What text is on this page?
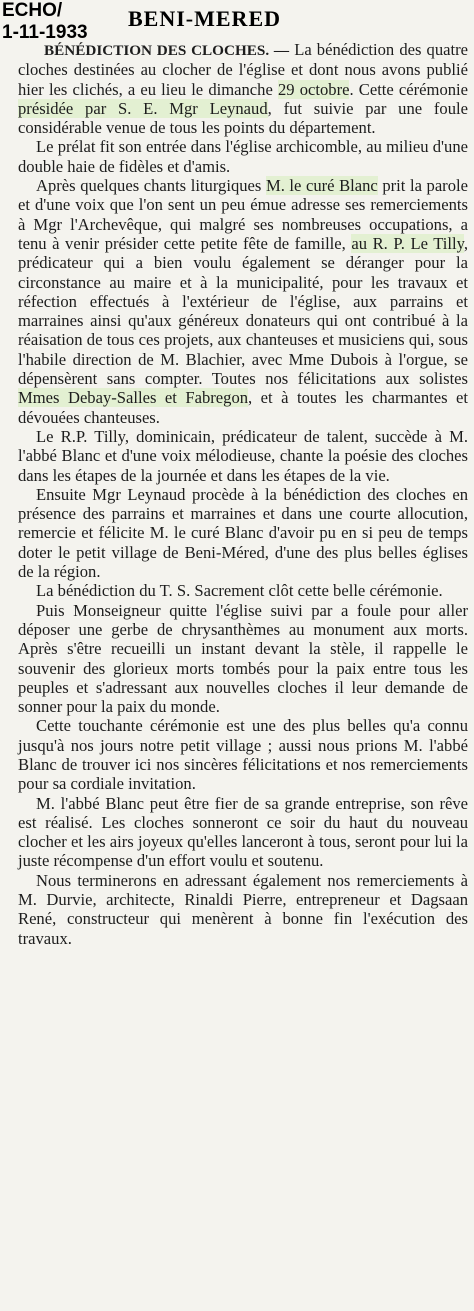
ECHO/
1-11-1933
BENI-MERED

BÉNÉDICTION DES CLOCHES. — La bénédiction des quatre cloches destinées au clocher de l'église et dont nous avons publié hier les clichés, a eu lieu le dimanche 29 octobre. Cette cérémonie présidée par S. E. Mgr Leynaud, fut suivie par une foule considérable venue de tous les points du département.

Le prélat fit son entrée dans l'église archicomble, au milieu d'une double haie de fidèles et d'amis.

Après quelques chants liturgiques M. le curé Blanc prit la parole et d'une voix que l'on sent un peu émue adresse ses remerciements à Mgr l'Archevêque, qui malgré ses nombreuses occupations, a tenu à venir présider cette petite fête de famille, au R. P. Le Tilly, prédicateur qui a bien voulu également se déranger pour la circonstance au maire et à la municipalité, pour les travaux et réfection effectués à l'extérieur de l'église, aux parrains et marraines ainsi qu'aux généreux donateurs qui ont contribué à la réaisation de tous ces projets, aux chanteuses et musiciens qui, sous l'habile direction de M. Blachier, avec Mme Dubois à l'orgue, se dépensèrent sans compter. Toutes nos félicitations aux solistes Mmes Debay-Salles et Fabregon, et à toutes les charmantes et dévouées chanteuses.

Le R.P. Tilly, dominicain, prédicateur de talent, succède à M. l'abbé Blanc et d'une voix mélodieuse, chante la poésie des cloches dans les étapes de la journée et dans les étapes de la vie.

Ensuite Mgr Leynaud procède à la bénédiction des cloches en présence des parrains et marraines et dans une courte allocution, remercie et félicite M. le curé Blanc d'avoir pu en si peu de temps doter le petit village de Beni-Méred, d'une des plus belles églises de la région.

La bénédiction du T. S. Sacrement clôt cette belle cérémonie.

Puis Monseigneur quitte l'église suivi par a foule pour aller déposer une gerbe de chrysanthèmes au monument aux morts. Après s'être recueilli un instant devant la stèle, il rappelle le souvenir des glorieux morts tombés pour la paix entre tous les peuples et s'adressant aux nouvelles cloches il leur demande de sonner pour la paix du monde.

Cette touchante cérémonie est une des plus belles qu'a connu jusqu'à nos jours notre petit village ; aussi nous prions M. l'abbé Blanc de trouver ici nos sincères félicitations et nos remerciements pour sa cordiale invitation.

M. l'abbé Blanc peut être fier de sa grande entreprise, son rêve est réalisé. Les cloches sonneront ce soir du haut du nouveau clocher et les airs joyeux qu'elles lanceront à tous, seront pour lui la juste récompense d'un effort voulu et soutenu.

Nous terminerons en adressant également nos remerciements à M. Durvie, architecte, Rinaldi Pierre, entrepreneur et Dagsaan René, constructeur qui menèrent à bonne fin l'exécution des travaux.
